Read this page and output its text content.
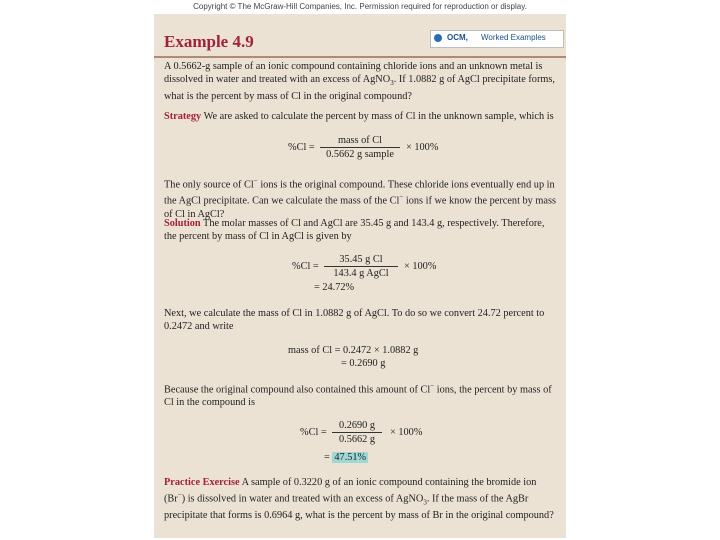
Copyright © The McGraw-Hill Companies, Inc. Permission required for reproduction or display.
Example 4.9	OCM, Worked Examples

A 0.5662-g sample of an ionic compound containing chloride ions and an unknown metal is dissolved in water and treated with an excess of AgNO$_3$. If 1.0882 g of AgCl precipitate forms, what is the percent by mass of Cl in the original compound?

Strategy We are asked to calculate the percent by mass of Cl in the unknown sample, which is

%Cl =
mass of Cl
0.5662 g sample
× 100%

The only source of Cl− ions is the original compound. These chloride ions eventually end up in the AgCl precipitate. Can we calculate the mass of the Cl− ions if we know the percent by mass of Cl in AgCl?

Solution The molar masses of Cl and AgCl are 35.45 g and 143.4 g, respectively. Therefore, the percent by mass of Cl in AgCl is given by

%Cl =
35.45 g Cl
143.4 g AgCl
× 100%
= 24.72%

Next, we calculate the mass of Cl in 1.0882 g of AgCl. To do so we convert 24.72 percent to 0.2472 and write

mass of Cl = 0.2472 × 1.0882 g
= 0.2690 g

Because the original compound also contained this amount of Cl− ions, the percent by mass of Cl in the compound is

$\%Cl = \frac{0.2690 g}{0.5662 g} \times 100\%$
= 47.51%

Practice Exercise A sample of 0.3220 g of an ionic compound containing the bromide ion (Br−) is dissolved in water and treated with an excess of AgNO$_3$. If the mass of the AgBr precipitate that forms is 0.6964 g, what is the percent by mass of Br in the original compound?
